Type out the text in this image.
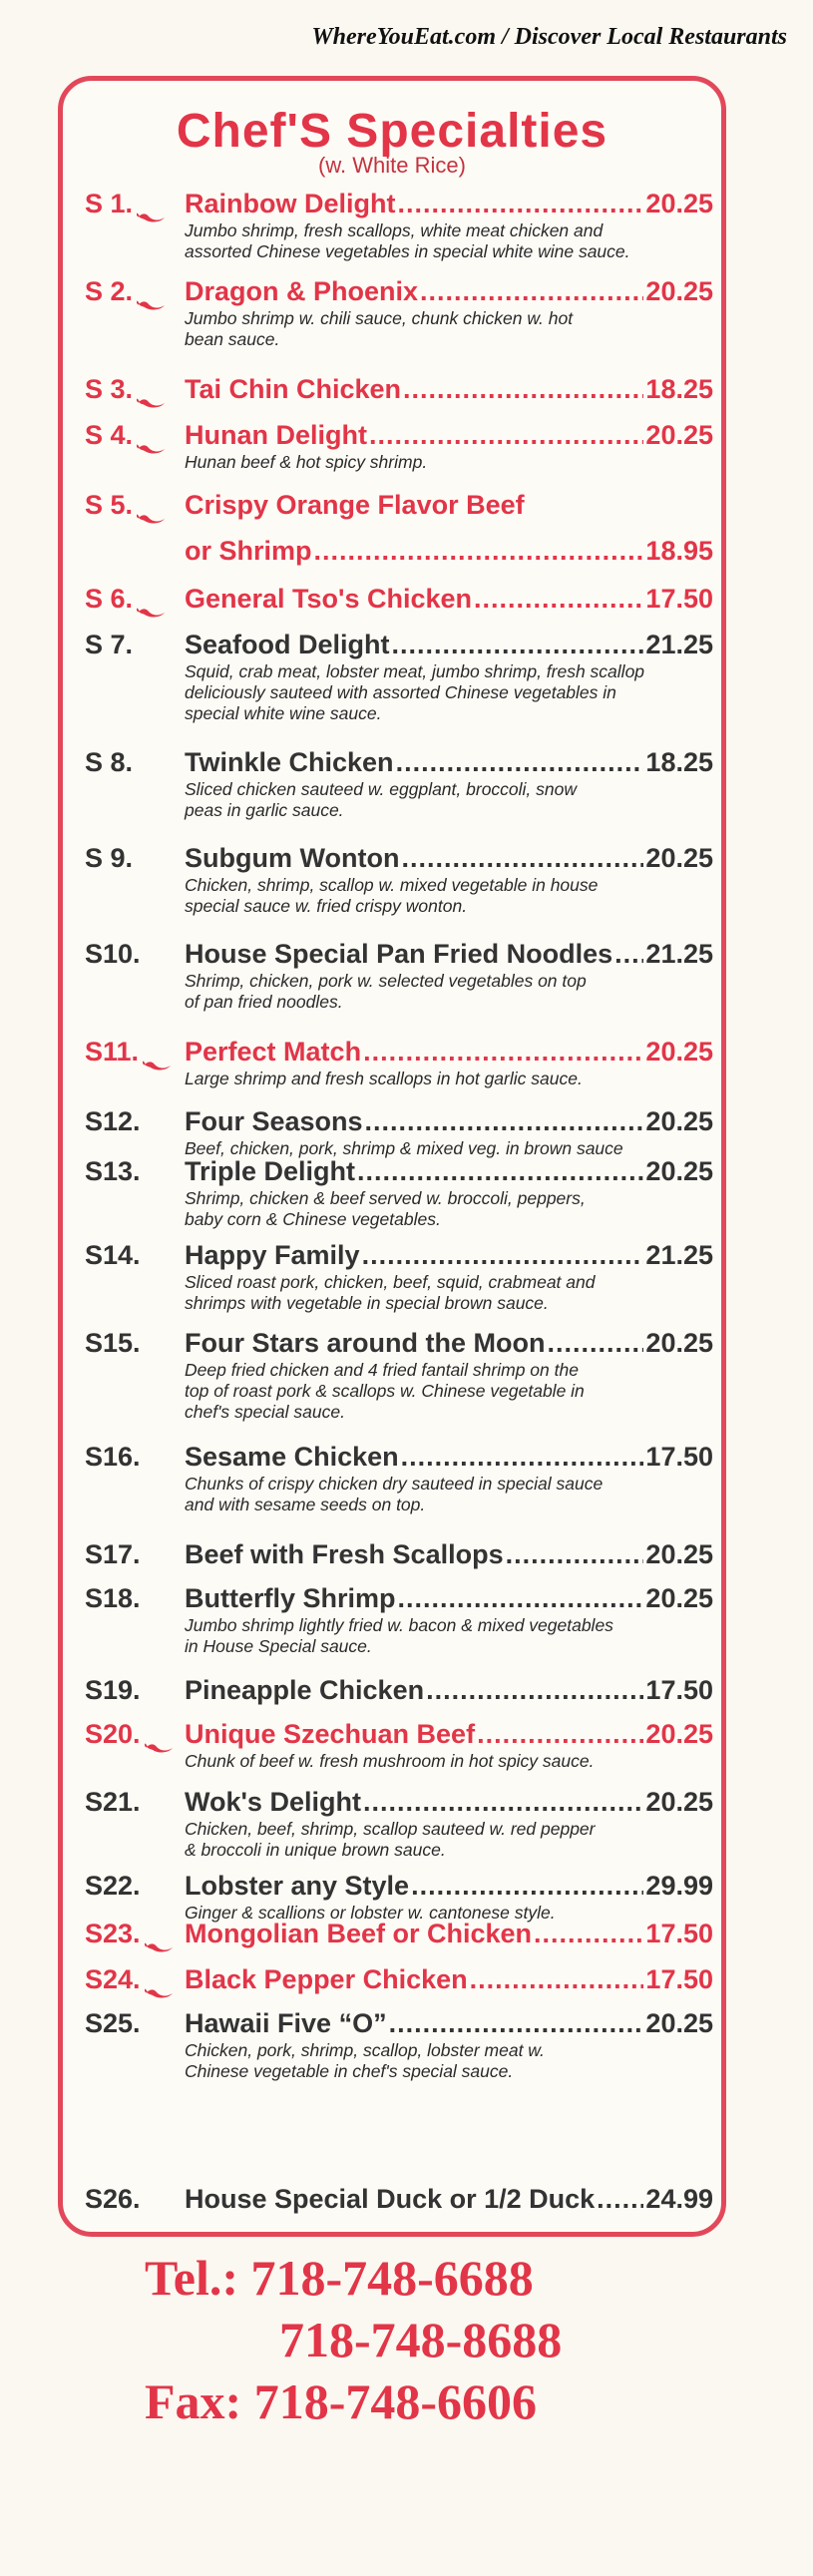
WhereYouEat.com / Discover Local Restaurants
Chef'S Specialties
(w. White Rice)
S 1. Rainbow Delight .....	20.25
Jumbo shrimp, fresh scallops, white meat chicken and
assorted Chinese vegetables in special white wine sauce.
S 2. Dragon & Phoenix .....	20.25
Jumbo shrimp w. chili sauce, chunk chicken w. hot
bean sauce.
S 3. Tai Chin Chicken .....	18.25
S 4. Hunan Delight .....	20.25
Hunan beef & hot spicy shrimp.
S 5. Crispy Orange Flavor Beef
or Shrimp .....	18.95
S 6. General Tso's Chicken .....	17.50
S 7. Seafood Delight .....	21.25
Squid, crab meat, lobster meat, jumbo shrimp, fresh scallop
deliciously sauteed with assorted Chinese vegetables in
special white wine sauce.
S 8. Twinkle Chicken .....	18.25
Sliced chicken sauteed w. eggplant, broccoli, snow
peas in garlic sauce.
S 9. Subgum Wonton .....	20.25
Chicken, shrimp, scallop w. mixed vegetable in house
special sauce w. fried crispy wonton.
S10. House Special Pan Fried Noodles ..... 21.25
Shrimp, chicken, pork w. selected vegetables on top
of pan fried noodles.
S11. Perfect Match .....	20.25
Large shrimp and fresh scallops in hot garlic sauce.
S12. Four Seasons .....	20.25
Beef, chicken, pork, shrimp & mixed veg. in brown sauce
S13. Triple Delight .....	20.25
Shrimp, chicken & beef served w. broccoli, peppers,
baby corn & Chinese vegetables.
S14. Happy Family .....	21.25
Sliced roast pork, chicken, beef, squid, crabmeat and
shrimps with vegetable in special brown sauce.
S15. Four Stars around the Moon .....	20.25
Deep fried chicken and 4 fried fantail shrimp on the
top of roast pork & scallops w. Chinese vegetable in
chef's special sauce.
S16. Sesame Chicken .....	17.50
Chunks of crispy chicken dry sauteed in special sauce
and with sesame seeds on top.
S17. Beef with Fresh Scallops .....	20.25
S18. Butterfly Shrimp .....	20.25
Jumbo shrimp lightly fried w. bacon & mixed vegetables
in House Special sauce.
S19. Pineapple Chicken .....	17.50
S20. Unique Szechuan Beef .....	20.25
Chunk of beef w. fresh mushroom in hot spicy sauce.
S21. Wok's Delight .....	20.25
Chicken, beef, shrimp, scallop sauteed w. red pepper
& broccoli in unique brown sauce.
S22. Lobster any Style .....	29.99
Ginger & scallions or lobster w. cantonese style.
S23. Mongolian Beef or Chicken .....	17.50
S24. Black Pepper Chicken .....	17.50
S25. Hawaii Five “O” .....	20.25
Chicken, pork, shrimp, scallop, lobster meat w.
Chinese vegetable in chef's special sauce.
S26. House Special Duck or 1/2 Duck ..... 24.99
Tel.: 718-748-6688
718-748-8688
Fax: 718-748-6606
